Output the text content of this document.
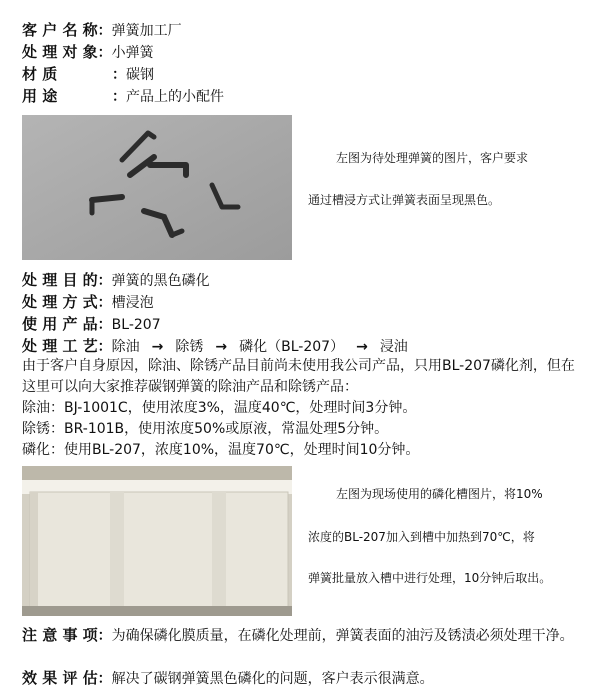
客 户 名 称：弹簧加工厂
处 理 对 象：小弹簧
材 质	：碳钢
用 途	：产品上的小配件
左图为待处理弹簧的图片，客户要求
通过槽浸方式让弹簧表面呈现黑色。
处 理 目 的：弹簧的黑色磷化
处 理 方 式：槽浸泡
使 用 产 品：BL-207
处 理 工 艺：除油 → 除锈 → 磷化（BL-207） → 浸油
由于客户自身原因，除油、除锈产品目前尚未使用我公司产品，只用BL-207磷化剂，但在这里可以向大家推荐碳钢弹簧的除油产品和除锈产品：
除油：BJ-1001C，使用浓度3%，温度40℃，处理时间3分钟。
除锈：BR-101B，使用浓度50%或原液，常温处理5分钟。
磷化：使用BL-207，浓度10%，温度70℃，处理时间10分钟。
左图为现场使用的磷化槽图片，将10%
浓度的BL-207加入到槽中加热到70℃，将
弹簧批量放入槽中进行处理，10分钟后取出。
注 意 事 项：为确保磷化膜质量，在磷化处理前，弹簧表面的油污及锈渍必须处理干净。
效 果 评 估：解决了碳钢弹簧黑色磷化的问题，客户表示很满意。
